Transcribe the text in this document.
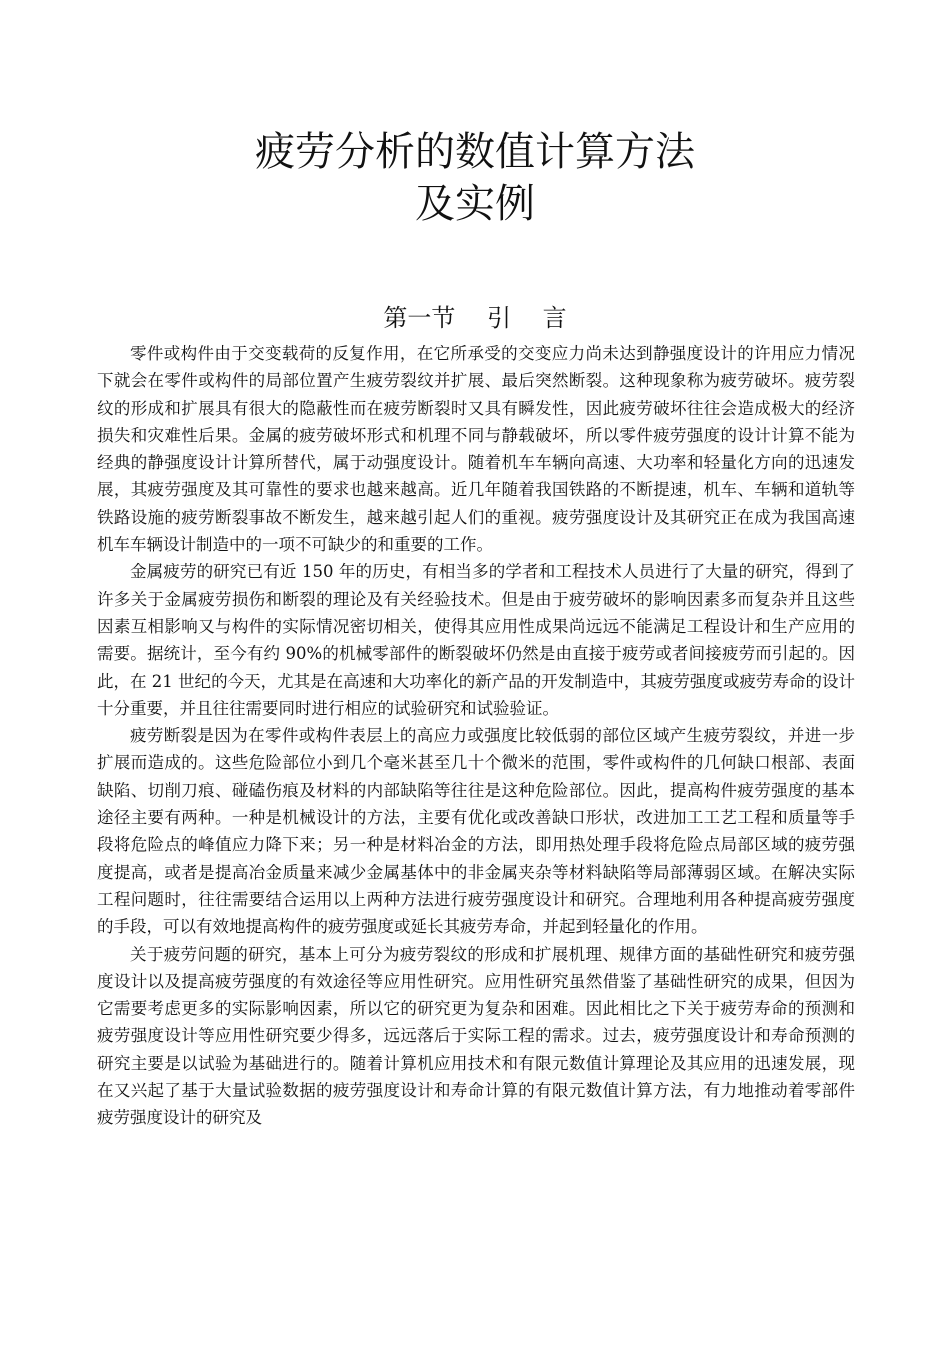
疲劳分析的数值计算方法
及实例
第一节　 引　 言

零件或构件由于交变载荷的反复作用，在它所承受的交变应力尚未达到静强度设计的许用应力情况下就会在零件或构件的局部位置产生疲劳裂纹并扩展、最后突然断裂。这种现象称为疲劳破坏。疲劳裂纹的形成和扩展具有很大的隐蔽性而在疲劳断裂时又具有瞬发性，因此疲劳破坏往往会造成极大的经济损失和灾难性后果。金属的疲劳破坏形式和机理不同与静载破坏，所以零件疲劳强度的设计计算不能为经典的静强度设计计算所替代，属于动强度设计。随着机车车辆向高速、大功率和轻量化方向的迅速发展，其疲劳强度及其可靠性的要求也越来越高。近几年随着我国铁路的不断提速，机车、车辆和道轨等铁路设施的疲劳断裂事故不断发生，越来越引起人们的重视。疲劳强度设计及其研究正在成为我国高速机车车辆设计制造中的一项不可缺少的和重要的工作。

金属疲劳的研究已有近 150 年的历史，有相当多的学者和工程技术人员进行了大量的研究，得到了许多关于金属疲劳损伤和断裂的理论及有关经验技术。但是由于疲劳破坏的影响因素多而复杂并且这些因素互相影响又与构件的实际情况密切相关，使得其应用性成果尚远远不能满足工程设计和生产应用的需要。据统计，至今有约 90%的机械零部件的断裂破坏仍然是由直接于疲劳或者间接疲劳而引起的。因此，在 21 世纪的今天，尤其是在高速和大功率化的新产品的开发制造中，其疲劳强度或疲劳寿命的设计十分重要，并且往往需要同时进行相应的试验研究和试验验证。

疲劳断裂是因为在零件或构件表层上的高应力或强度比较低弱的部位区域产生疲劳裂纹，并进一步扩展而造成的。这些危险部位小到几个毫米甚至几十个微米的范围，零件或构件的几何缺口根部、表面缺陷、切削刀痕、碰磕伤痕及材料的内部缺陷等往往是这种危险部位。因此，提高构件疲劳强度的基本途径主要有两种。一种是机械设计的方法，主要有优化或改善缺口形状，改进加工工艺工程和质量等手段将危险点的峰值应力降下来；另一种是材料冶金的方法，即用热处理手段将危险点局部区域的疲劳强度提高，或者是提高冶金质量来减少金属基体中的非金属夹杂等材料缺陷等局部薄弱区域。在解决实际工程问题时，往往需要结合运用以上两种方法进行疲劳强度设计和研究。合理地利用各种提高疲劳强度的手段，可以有效地提高构件的疲劳强度或延长其疲劳寿命，并起到轻量化的作用。

关于疲劳问题的研究，基本上可分为疲劳裂纹的形成和扩展机理、规律方面的基础性研究和疲劳强度设计以及提高疲劳强度的有效途径等应用性研究。应用性研究虽然借鉴了基础性研究的成果，但因为它需要考虑更多的实际影响因素，所以它的研究更为复杂和困难。因此相比之下关于疲劳寿命的预测和疲劳强度设计等应用性研究要少得多，远远落后于实际工程的需求。过去，疲劳强度设计和寿命预测的研究主要是以试验为基础进行的。随着计算机应用技术和有限元数值计算理论及其应用的迅速发展，现在又兴起了基于大量试验数据的疲劳强度设计和寿命计算的有限元数值计算方法，有力地推动着零部件疲劳强度设计的研究及
